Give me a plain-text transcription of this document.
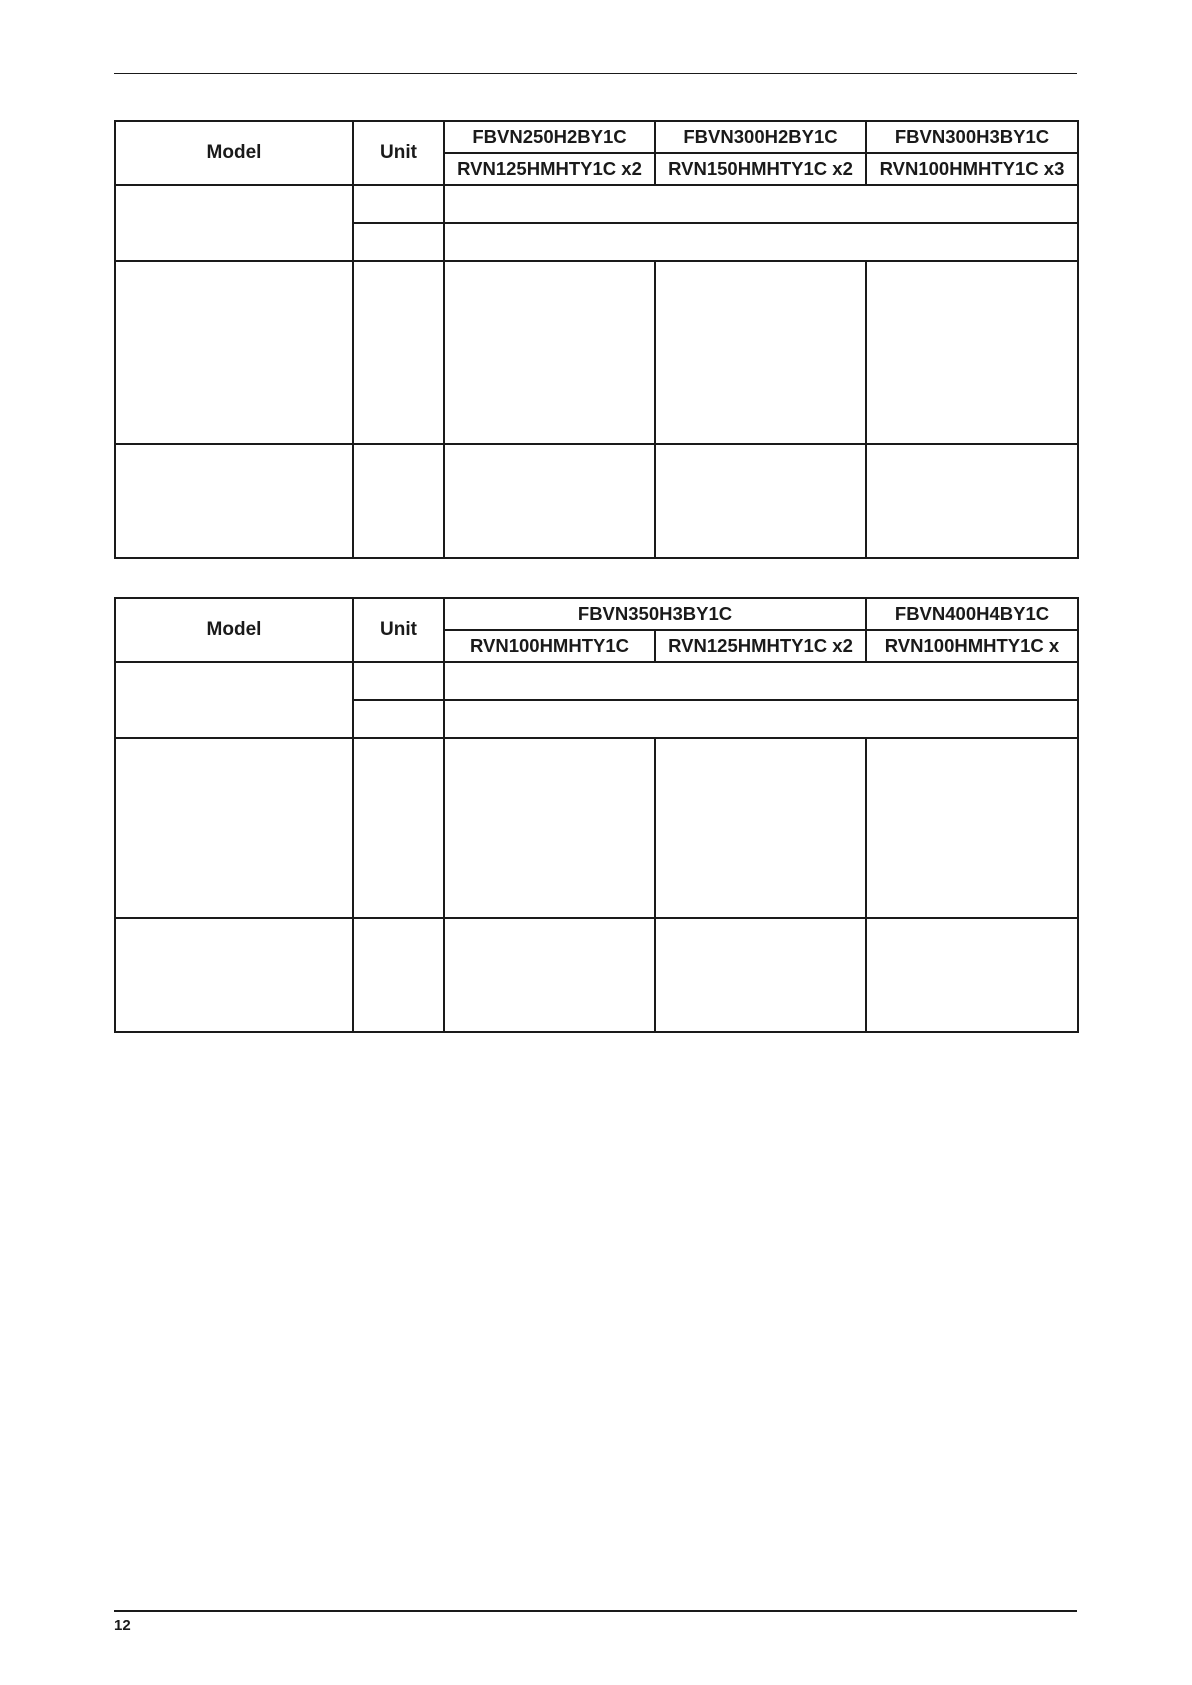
Model	Unit	FBVN250H2BY1C	FBVN300H2BY1C	FBVN300H3BY1C
		RVN125HMHTY1C x2	RVN150HMHTY1C x2	RVN100HMHTY1C x3

Model	Unit	FBVN350H3BY1C		FBVN400H4BY1C
		RVN100HMHTY1C	RVN125HMHTY1C x2	RVN100HMHTY1C x

12
